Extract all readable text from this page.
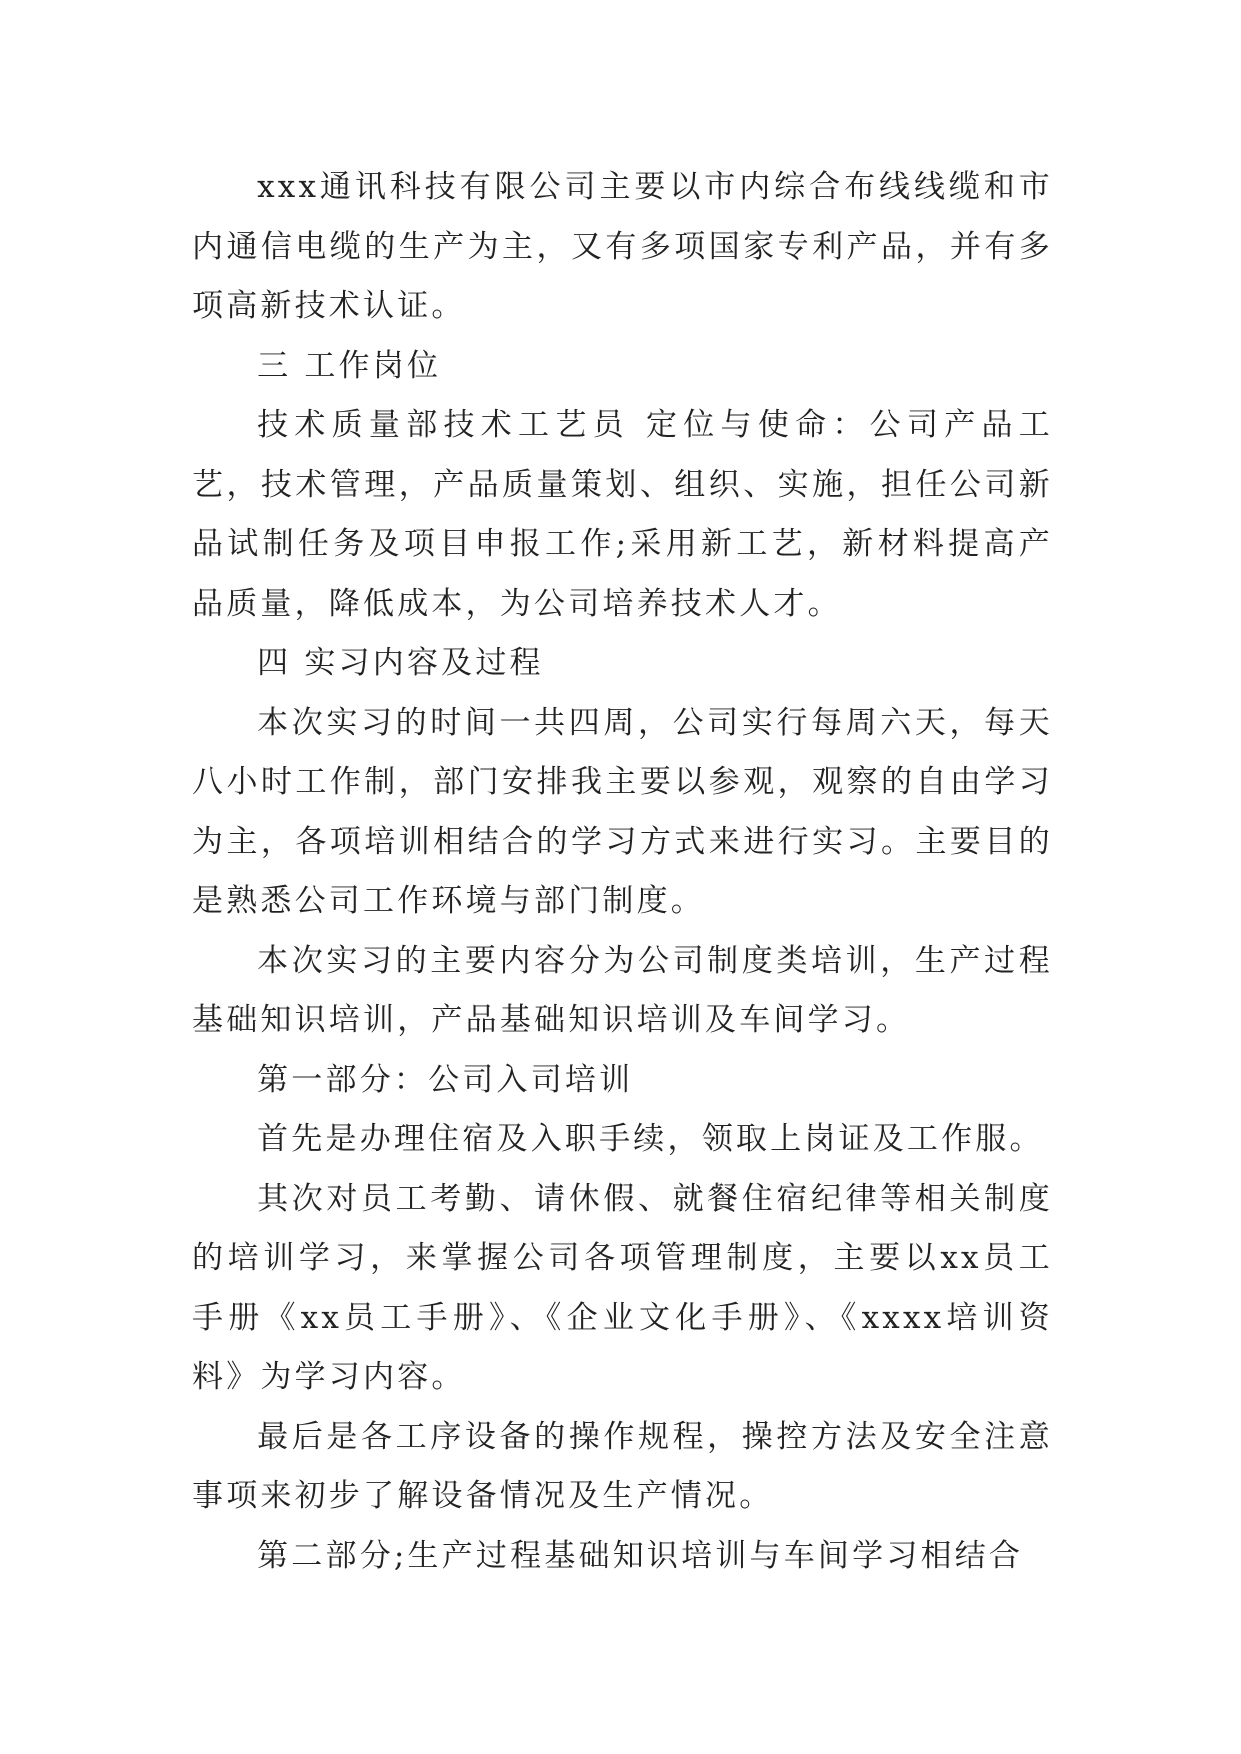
xxx通讯科技有限公司主要以市内综合布线线缆和市内通信电缆的生产为主，又有多项国家专利产品，并有多项高新技术认证。

三 工作岗位

技术质量部技术工艺员 定位与使命：公司产品工艺，技术管理，产品质量策划、组织、实施，担任公司新品试制任务及项目申报工作;采用新工艺，新材料提高产品质量，降低成本，为公司培养技术人才。

四 实习内容及过程

本次实习的时间一共四周，公司实行每周六天，每天八小时工作制，部门安排我主要以参观，观察的自由学习为主，各项培训相结合的学习方式来进行实习。主要目的是熟悉公司工作环境与部门制度。

本次实习的主要内容分为公司制度类培训，生产过程基础知识培训，产品基础知识培训及车间学习。

第一部分：公司入司培训

首先是办理住宿及入职手续，领取上岗证及工作服。

其次对员工考勤、请休假、就餐住宿纪律等相关制度的培训学习，来掌握公司各项管理制度，主要以xx员工手册《xx员工手册》、《企业文化手册》、《xxxx培训资料》为学习内容。

最后是各工序设备的操作规程，操控方法及安全注意事项来初步了解设备情况及生产情况。

第二部分;生产过程基础知识培训与车间学习相结合
